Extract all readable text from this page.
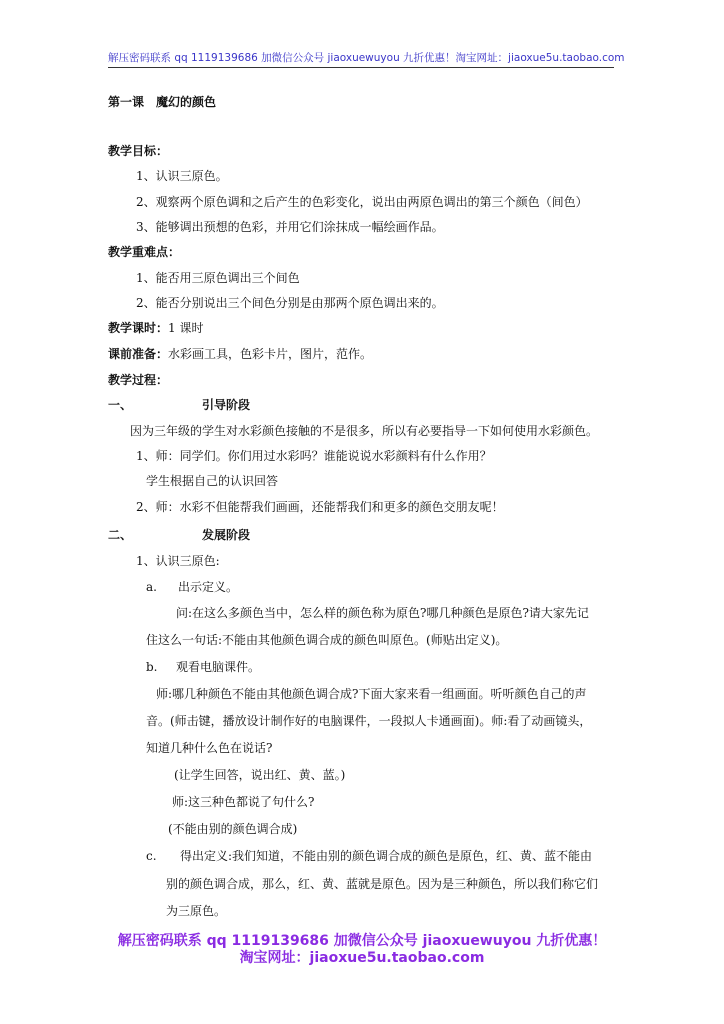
解压密码联系 qq 1119139686 加微信公众号 jiaoxuewuyou 九折优惠！淘宝网址：jiaoxue5u.taobao.com
第一课　魔幻的颜色
教学目标：
1、认识三原色。
2、观察两个原色调和之后产生的色彩变化，说出由两原色调出的第三个颜色（间色）
3、能够调出预想的色彩，并用它们涂抹成一幅绘画作品。
教学重难点：
1、能否用三原色调出三个间色
2、能否分别说出三个间色分别是由那两个原色调出来的。
教学课时：1 课时
课前准备：水彩画工具，色彩卡片，图片，范作。
教学过程：
一、	引导阶段
因为三年级的学生对水彩颜色接触的不是很多，所以有必要指导一下如何使用水彩颜色。
1、师：同学们。你们用过水彩吗？谁能说说水彩颜料有什么作用？
学生根据自己的认识回答
2、师：水彩不但能帮我们画画，还能帮我们和更多的颜色交朋友呢！
二、	发展阶段
1、认识三原色:
a. 出示定义。
问:在这么多颜色当中，怎么样的颜色称为原色?哪几种颜色是原色?请大家先记
住这么一句话:不能由其他颜色调合成的颜色叫原色。(师贴出定义)。
b. 观看电脑课件。
师:哪几种颜色不能由其他颜色调合成?下面大家来看一组画面。听听颜色自己的声
音。(师击键，播放设计制作好的电脑课件，一段拟人卡通画面)。师:看了动画镜头，
知道几种什么色在说话?
(让学生回答，说出红、黄、蓝。)
师:这三种色都说了句什么?
(不能由别的颜色调合成)
c. 得出定义:我们知道，不能由别的颜色调合成的颜色是原色，红、黄、蓝不能由
别的颜色调合成，那么，红、黄、蓝就是原色。因为是三种颜色，所以我们称它们
为三原色。
解压密码联系 qq 1119139686 加微信公众号 jiaoxuewuyou 九折优惠！
淘宝网址：jiaoxue5u.taobao.com
